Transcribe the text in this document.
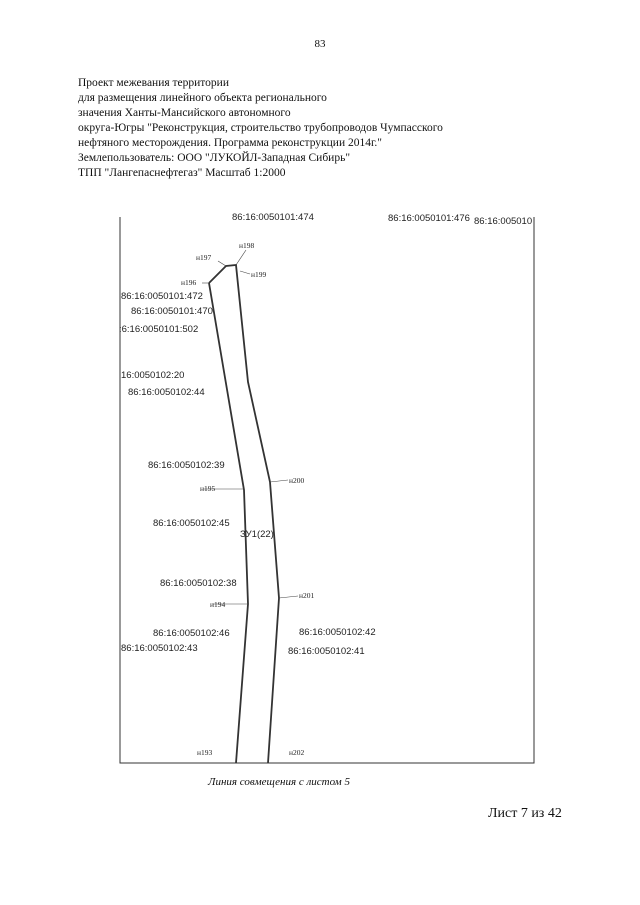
83
Проект межевания территории
для размещения линейного объекта регионального
значения Ханты-Мансийского автономного
округа-Югры "Реконструкция, строительство трубопроводов Чумпасского
нефтяного месторождения. Программа реконструкции 2014г."
Землепользователь: ООО "ЛУКОЙЛ-Западная Сибирь"
ТПП "Лангепаснефтегаз" Масштаб 1:2000
86:16:0050101:474	86:16:0050101:476 86:16:005010
86:16:0050101:472
86:16:0050101:470
:6:16:0050101:502
16:0050102:20
86:16:0050102:44
86:16:0050102:39
86:16:0050102:45
86:16:0050102:38
86:16:0050102:46
86:16:0050102:43
86:16:0050102:42
86:16:0050102:41
ЗУ1(22)
н198
н197
н199
н196
н200
н195
н201
н194
н193	н202
Линия совмещения с листом 5
Лист 7 из 42
